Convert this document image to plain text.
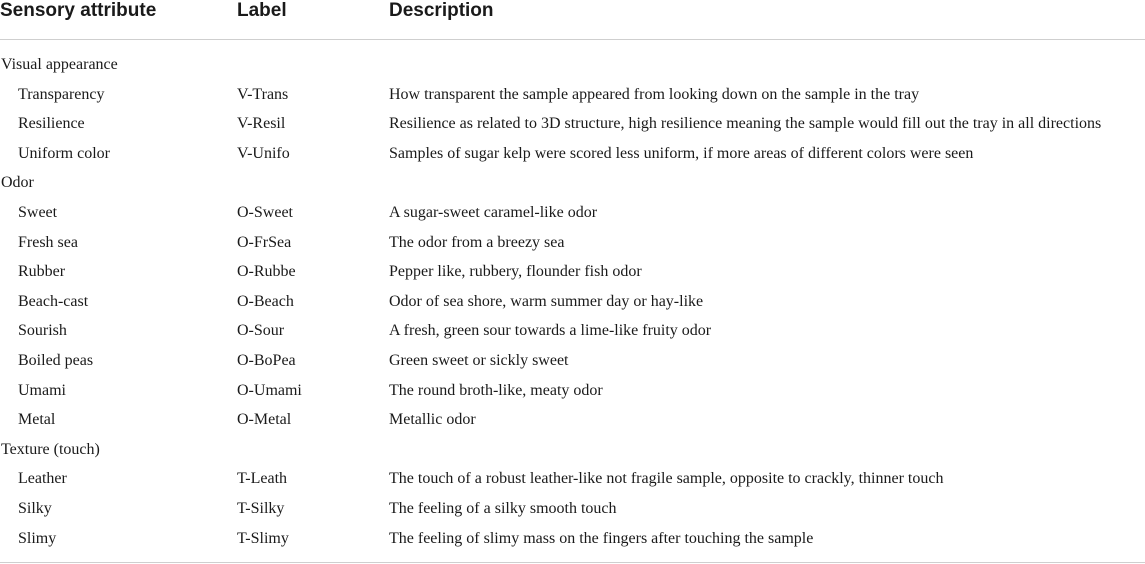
Sensory attribute	Label	Description
Visual appearance
Transparency	V-Trans	How transparent the sample appeared from looking down on the sample in the tray
Resilience	V-Resil	Resilience as related to 3D structure, high resilience meaning the sample would fill out the tray in all directions
Uniform color	V-Unifo	Samples of sugar kelp were scored less uniform, if more areas of different colors were seen
Odor
Sweet	O-Sweet	A sugar-sweet caramel-like odor
Fresh sea	O-FrSea	The odor from a breezy sea
Rubber	O-Rubbe	Pepper like, rubbery, flounder fish odor
Beach-cast	O-Beach	Odor of sea shore, warm summer day or hay-like
Sourish	O-Sour	A fresh, green sour towards a lime-like fruity odor
Boiled peas	O-BoPea	Green sweet or sickly sweet
Umami	O-Umami	The round broth-like, meaty odor
Metal	O-Metal	Metallic odor
Texture (touch)
Leather	T-Leath	The touch of a robust leather-like not fragile sample, opposite to crackly, thinner touch
Silky	T-Silky	The feeling of a silky smooth touch
Slimy	T-Slimy	The feeling of slimy mass on the fingers after touching the sample
